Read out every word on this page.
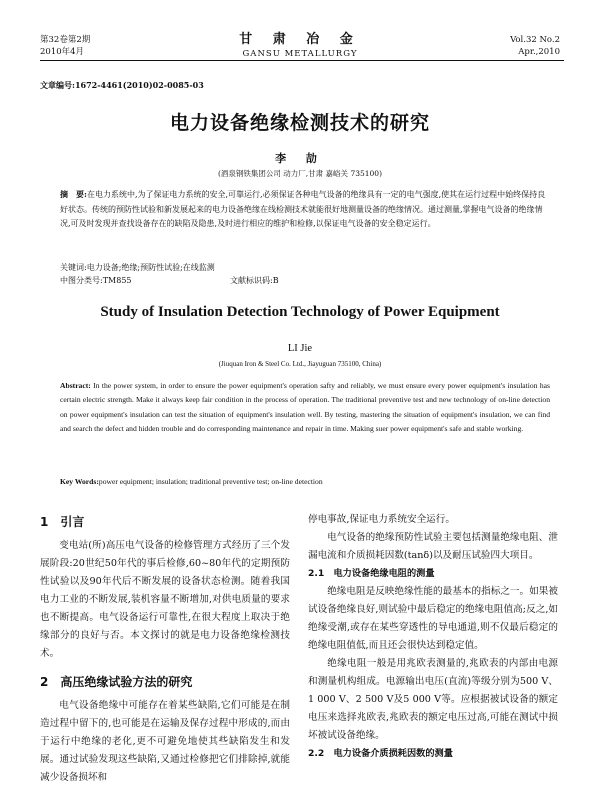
第32卷第2期
2010年4月
甘 肃 冶 金
GANSU METALLURGY
Vol.32 No.2
Apr.,2010
文章编号:1672-4461(2010)02-0085-03
电力设备绝缘检测技术的研究
李 劼
(酒泉钢铁集团公司 动力厂,甘肃 嘉峪关 735100)
摘　要:在电力系统中,为了保证电力系统的安全,可靠运行,必须保证各种电气设备的绝缘具有一定的电气强度,使其在运行过程中始终保持良好状态。传统的预防性试验和新发展起来的电力设备绝缘在线检测技术就能很好地测量设备的绝缘情况。通过测量,掌握电气设备的绝缘情况,可及时发现并查找设备存在的缺陷及隐患,及时进行相应的维护和检修,以保证电气设备的安全稳定运行。
关键词:电力设备;绝缘;预防性试验;在线监测
中图分类号:TM855	文献标识码:B
Study of Insulation Detection Technology of Power Equipment
LI Jie
(Jiuquan Iron & Steel Co. Ltd., Jiayuguan 735100, China)
Abstract: In the power system, in order to ensure the power equipment's operation safty and reliably, we must ensure every power equipment's insulation has certain electric strength. Make it always keep fair condition in the process of operation. The traditional preventive test and new technology of on-line detection on power equipment's insulation can test the situation of equipment's insulation well. By testing, mastering the situation of equipment's insulation, we can find and search the defect and hidden trouble and do corresponding maintenance and repair in time. Making suer power equipment's safe and stable working.
Key Words:power equipment; insulation; traditional preventive test; on-line detection
1　引言

变电站(所)高压电气设备的检修管理方式经历了三个发展阶段:20世纪50年代的事后检修,60~80年代的定期预防性试验以及90年代后不断发展的设备状态检测。随着我国电力工业的不断发展,装机容量不断增加,对供电质量的要求也不断提高。电气设备运行可靠性,在很大程度上取决于绝缘部分的良好与否。本文探讨的就是电力设备绝缘检测技术。

2　高压绝缘试验方法的研究

电气设备绝缘中可能存在着某些缺陷,它们可能是在制造过程中留下的,也可能是在运输及保存过程中形成的,而由于运行中绝缘的老化,更不可避免地使其些缺陷发生和发展。通过试验发现这些缺陷,又通过检修把它们排除掉,就能减少设备损坏和

停电事故,保证电力系统安全运行。

电气设备的绝缘预防性试验主要包括测量绝缘电阻、泄漏电流和介质损耗因数(tanδ)以及耐压试验四大项目。

2.1　电力设备绝缘电阻的测量

绝缘电阻是反映绝缘性能的最基本的指标之一。如果被试设备绝缘良好,则试验中最后稳定的绝缘电阻值高;反之,如绝缘受潮,或存在某些穿透性的导电通道,则不仅最后稳定的绝缘电阻值低,而且还会很快达到稳定值。

绝缘电阻一般是用兆欧表测量的,兆欧表的内部由电源和测量机构组成。电源输出电压(直流)等级分别为500 V、1 000 V、2 500 V及5 000 V等。应根据被试设备的额定电压来选择兆欧表,兆欧表的额定电压过高,可能在测试中损坏被试设备绝缘。

2.2　电力设备介质损耗因数的测量
